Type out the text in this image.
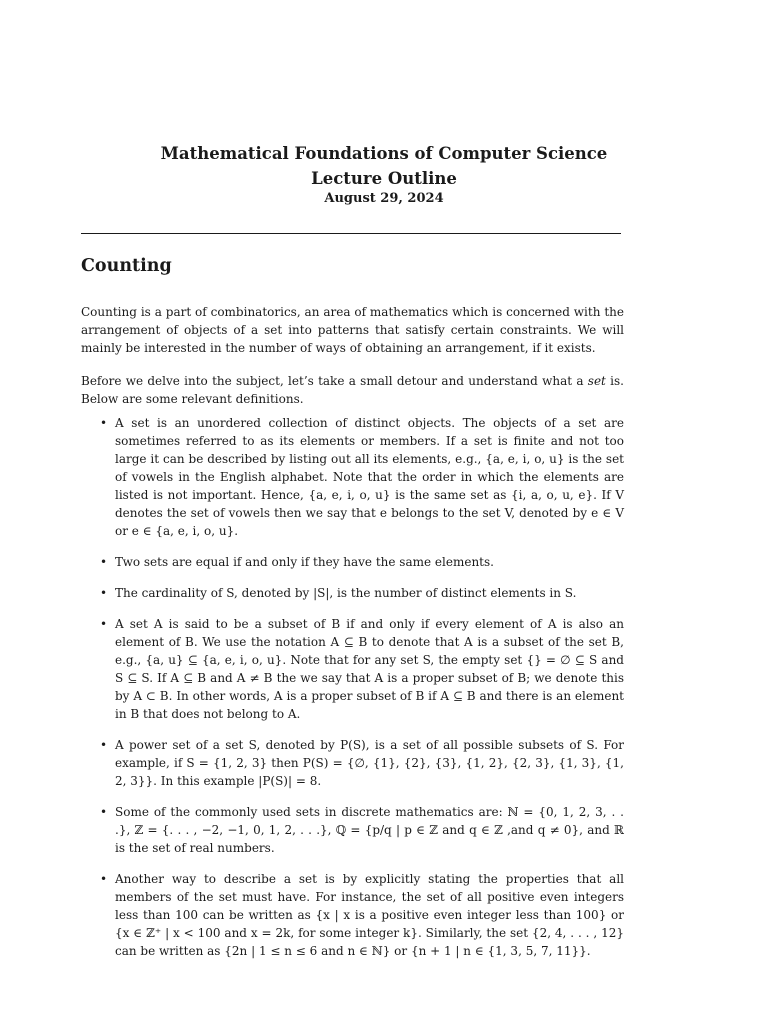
Mathematical Foundations of Computer Science
Lecture Outline
August 29, 2024
Counting

Counting is a part of combinatorics, an area of mathematics which is concerned with the arrangement of objects of a set into patterns that satisfy certain constraints. We will mainly be interested in the number of ways of obtaining an arrangement, if it exists.

Before we delve into the subject, let’s take a small detour and understand what a set is. Below are some relevant definitions.

• A set is an unordered collection of distinct objects. The objects of a set are sometimes referred to as its elements or members. If a set is finite and not too large it can be described by listing out all its elements, e.g., {a, e, i, o, u} is the set of vowels in the English alphabet. Note that the order in which the elements are listed is not important. Hence, {a, e, i, o, u} is the same set as {i, a, o, u, e}. If V denotes the set of vowels then we say that e belongs to the set V, denoted by e ∈ V or e ∈ {a, e, i, o, u}.
• Two sets are equal if and only if they have the same elements.
• The cardinality of S, denoted by |S|, is the number of distinct elements in S.
• A set A is said to be a subset of B if and only if every element of A is also an element of B. We use the notation A ⊆ B to denote that A is a subset of the set B, e.g., {a, u} ⊆ {a, e, i, o, u}. Note that for any set S, the empty set {} = ∅ ⊆ S and S ⊆ S. If A ⊆ B and A ≠ B the we say that A is a proper subset of B; we denote this by A ⊂ B. In other words, A is a proper subset of B if A ⊆ B and there is an element in B that does not belong to A.
• A power set of a set S, denoted by P(S), is a set of all possible subsets of S. For example, if S = {1, 2, 3} then P(S) = {∅, {1}, {2}, {3}, {1, 2}, {2, 3}, {1, 3}, {1, 2, 3}}. In this example |P(S)| = 8.
• Some of the commonly used sets in discrete mathematics are: ℕ = {0, 1, 2, 3, . . .}, ℤ = {. . . , −2, −1, 0, 1, 2, . . .}, ℚ = {p/q | p ∈ ℤ and q ∈ ℤ ,and q ≠ 0}, and ℝ is the set of real numbers.
• Another way to describe a set is by explicitly stating the properties that all members of the set must have. For instance, the set of all positive even integers less than 100 can be written as {x | x is a positive even integer less than 100} or {x ∈ ℤ⁺ | x < 100 and x = 2k, for some integer k}. Similarly, the set {2, 4, . . . , 12} can be written as {2n | 1 ≤ n ≤ 6 and n ∈ ℕ} or {n + 1 | n ∈ {1, 3, 5, 7, 11}}.
